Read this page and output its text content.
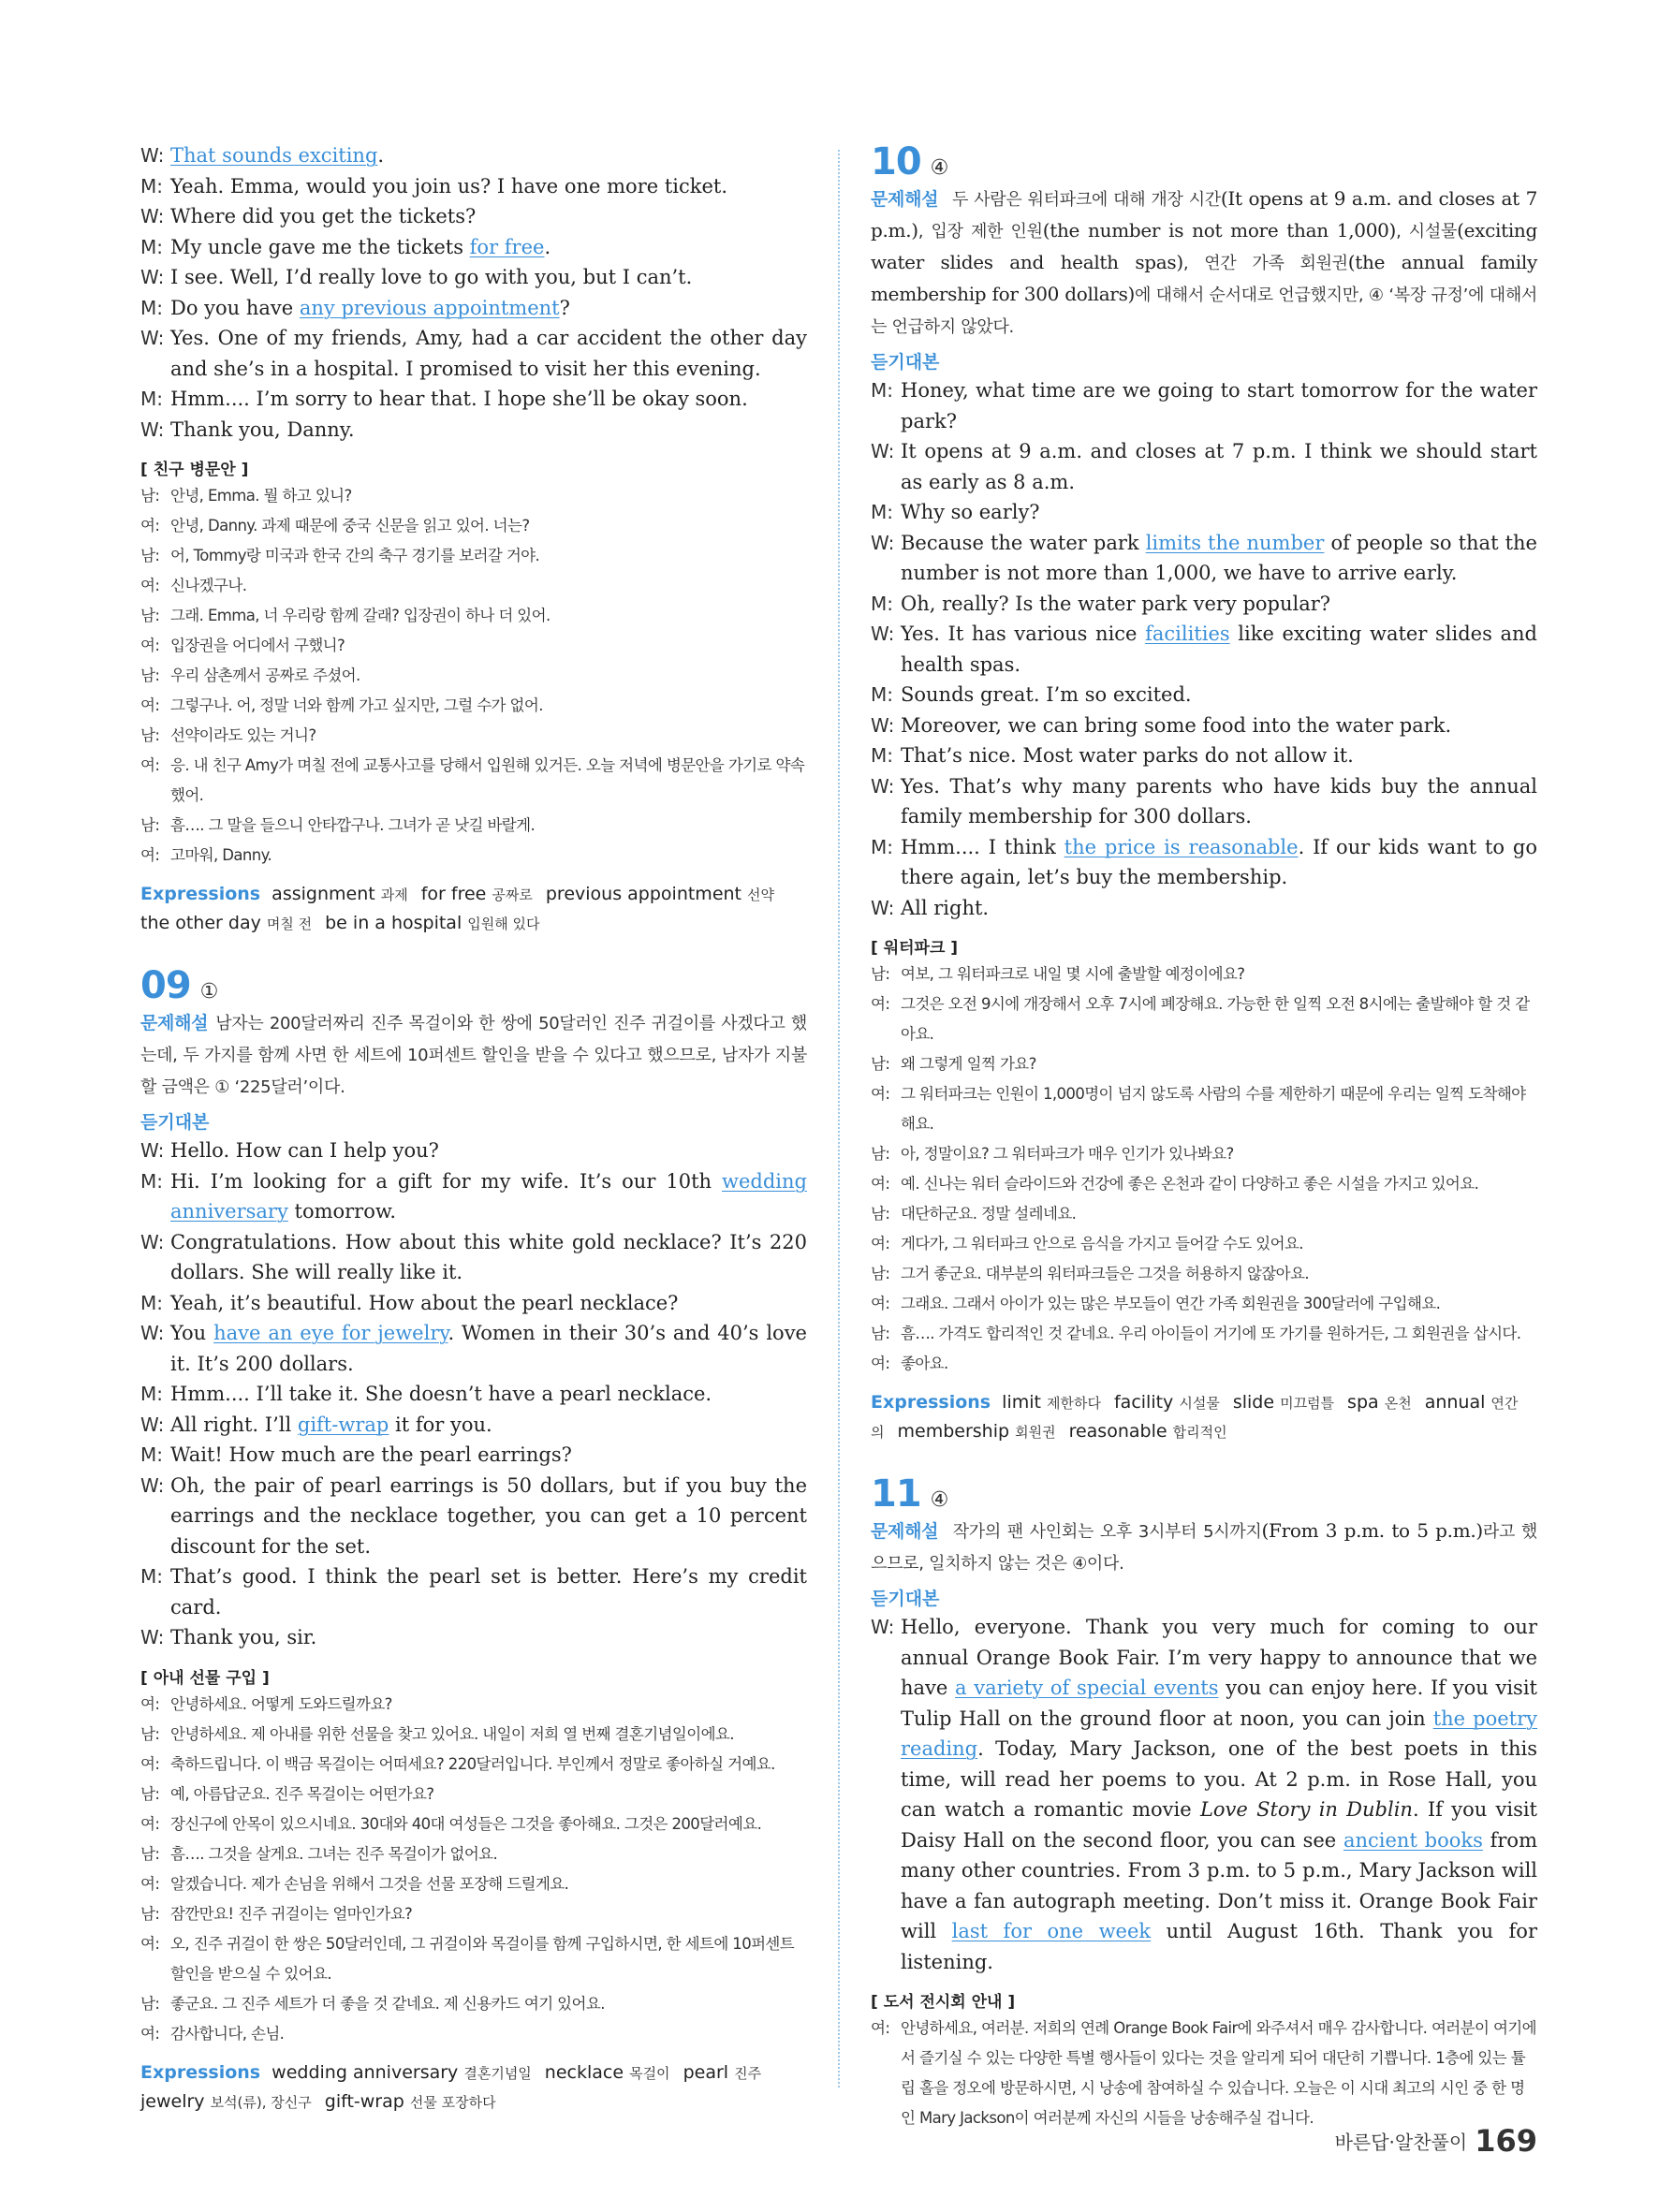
W: That sounds exciting.
M: Yeah. Emma, would you join us? I have one more ticket.
W: Where did you get the tickets?
M: My uncle gave me the tickets for free.
W: I see. Well, I’d really love to go with you, but I can’t.
M: Do you have any previous appointment?
W: Yes. One of my friends, Amy, had a car accident the other day and she’s in a hospital. I promised to visit her this evening.
M: Hmm.... I’m sorry to hear that. I hope she’ll be okay soon.
W: Thank you, Danny.
[ 친구 병문안 ]
남: 안녕, Emma. 뭘 하고 있니?
여: 안녕, Danny. 과제 때문에 중국 신문을 읽고 있어. 너는?
남: 어, Tommy랑 미국과 한국 간의 축구 경기를 보러갈 거야.
여: 신나겠구나.
남: 그래. Emma, 너 우리랑 함께 갈래? 입장권이 하나 더 있어.
여: 입장권을 어디에서 구했니?
남: 우리 삼촌께서 공짜로 주셨어.
여: 그렇구나. 어, 정말 너와 함께 가고 싶지만, 그럴 수가 없어.
남: 선약이라도 있는 거니?
여: 응. 내 친구 Amy가 며칠 전에 교통사고를 당해서 입원해 있거든. 오늘 저녁에 병문안을 가기로 약속했어.
남: 흠…. 그 말을 들으니 안타깝구나. 그녀가 곧 낫길 바랄게.
여: 고마워, Danny.
Expressions assignment 과제 for free 공짜로 previous appointment 선약the other day 며칠 전 be in a hospital 입원해 있다
09 ①
문제해설 남자는 200달러짜리 진주 목걸이와 한 쌍에 50달러인 진주 귀걸이를 사겠다고 했는데, 두 가지를 함께 사면 한 세트에 10퍼센트 할인을 받을 수 있다고 했으므로, 남자가 지불할 금액은 ① ‘225달러’이다.
듣기대본
W: Hello. How can I help you?
M: Hi. I’m looking for a gift for my wife. It’s our 10th wedding anniversary tomorrow.
W: Congratulations. How about this white gold necklace? It’s 220 dollars. She will really like it.
M: Yeah, it’s beautiful. How about the pearl necklace?
W: You have an eye for jewelry. Women in their 30’s and 40’s love it. It’s 200 dollars.
M: Hmm.... I’ll take it. She doesn’t have a pearl necklace.
W: All right. I’ll gift-wrap it for you.
M: Wait! How much are the pearl earrings?
W: Oh, the pair of pearl earrings is 50 dollars, but if you buy the earrings and the necklace together, you can get a 10 percent discount for the set.
M: That’s good. I think the pearl set is better. Here’s my credit card.
W: Thank you, sir.
[ 아내 선물 구입 ]
여: 안녕하세요. 어떻게 도와드릴까요?
남: 안녕하세요. 제 아내를 위한 선물을 찾고 있어요. 내일이 저희 열 번째 결혼기념일이에요.
여: 축하드립니다. 이 백금 목걸이는 어떠세요? 220달러입니다. 부인께서 정말로 좋아하실 거예요.
남: 예, 아름답군요. 진주 목걸이는 어떤가요?
여: 장신구에 안목이 있으시네요. 30대와 40대 여성들은 그것을 좋아해요. 그것은 200달러예요.
남: 흠…. 그것을 살게요. 그녀는 진주 목걸이가 없어요.
여: 알겠습니다. 제가 손님을 위해서 그것을 선물 포장해 드릴게요.
남: 잠깐만요! 진주 귀걸이는 얼마인가요?
여: 오, 진주 귀걸이 한 쌍은 50달러인데, 그 귀걸이와 목걸이를 함께 구입하시면, 한 세트에 10퍼센트 할인을 받으실 수 있어요.
남: 좋군요. 그 진주 세트가 더 좋을 것 같네요. 제 신용카드 여기 있어요.
여: 감사합니다, 손님.
Expressions wedding anniversary 결혼기념일 necklace 목걸이 pearl 진주jewelry 보석(류), 장신구 gift-wrap 선물 포장하다
10 ④
문제해설 두 사람은 워터파크에 대해 개장 시간(It opens at 9 a.m. and closes at 7 p.m.), 입장 제한 인원(the number is not more than 1,000), 시설물(exciting water slides and health spas), 연간 가족 회원권(the annual family membership for 300 dollars)에 대해서 순서대로 언급했지만, ④ ‘복장 규정’에 대해서는 언급하지 않았다.
듣기대본
M: Honey, what time are we going to start tomorrow for the water park?
W: It opens at 9 a.m. and closes at 7 p.m. I think we should start as early as 8 a.m.
M: Why so early?
W: Because the water park limits the number of people so that the number is not more than 1,000, we have to arrive early.
M: Oh, really? Is the water park very popular?
W: Yes. It has various nice facilities like exciting water slides and health spas.
M: Sounds great. I’m so excited.
W: Moreover, we can bring some food into the water park.
M: That’s nice. Most water parks do not allow it.
W: Yes. That’s why many parents who have kids buy the annual family membership for 300 dollars.
M: Hmm.... I think the price is reasonable. If our kids want to go there again, let’s buy the membership.
W: All right.
[ 워터파크 ]
남: 여보, 그 워터파크로 내일 몇 시에 출발할 예정이에요?
여: 그것은 오전 9시에 개장해서 오후 7시에 폐장해요. 가능한 한 일찍 오전 8시에는 출발해야 할 것 같아요.
남: 왜 그렇게 일찍 가요?
여: 그 워터파크는 인원이 1,000명이 넘지 않도록 사람의 수를 제한하기 때문에 우리는 일찍 도착해야 해요.
남: 아, 정말이요? 그 워터파크가 매우 인기가 있나봐요?
여: 예. 신나는 워터 슬라이드와 건강에 좋은 온천과 같이 다양하고 좋은 시설을 가지고 있어요.
남: 대단하군요. 정말 설레네요.
여: 게다가, 그 워터파크 안으로 음식을 가지고 들어갈 수도 있어요.
남: 그거 좋군요. 대부분의 워터파크들은 그것을 허용하지 않잖아요.
여: 그래요. 그래서 아이가 있는 많은 부모들이 연간 가족 회원권을 300달러에 구입해요.
남: 흠…. 가격도 합리적인 것 같네요. 우리 아이들이 거기에 또 가기를 원하거든, 그 회원권을 삽시다.
여: 좋아요.
Expressions limit 제한하다 facility 시설물 slide 미끄럼틀 spa 온천 annual 연간의 membership 회원권 reasonable 합리적인
11 ④
문제해설 작가의 팬 사인회는 오후 3시부터 5시까지(From 3 p.m. to 5 p.m.)라고 했으므로, 일치하지 않는 것은 ④이다.
듣기대본
W: Hello, everyone. Thank you very much for coming to our annual Orange Book Fair. I’m very happy to announce that we have a variety of special events you can enjoy here. If you visit Tulip Hall on the ground floor at noon, you can join the poetry reading. Today, Mary Jackson, one of the best poets in this time, will read her poems to you. At 2 p.m. in Rose Hall, you can watch a romantic movie Love Story in Dublin. If you visit Daisy Hall on the second floor, you can see ancient books from many other countries. From 3 p.m. to 5 p.m., Mary Jackson will have a fan autograph meeting. Don’t miss it. Orange Book Fair will last for one week until August 16th. Thank you for listening.
[ 도서 전시회 안내 ]
여: 안녕하세요, 여러분. 저희의 연례 Orange Book Fair에 와주셔서 매우 감사합니다. 여러분이 여기에서 즐기실 수 있는 다양한 특별 행사들이 있다는 것을 알리게 되어 대단히 기쁩니다. 1층에 있는 튤립 홀을 정오에 방문하시면, 시 낭송에 참여하실 수 있습니다. 오늘은 이 시대 최고의 시인 중 한 명인 Mary Jackson이 여러분께 자신의 시들을 낭송해주실 겁니다.
바른답·알찬풀이 169
